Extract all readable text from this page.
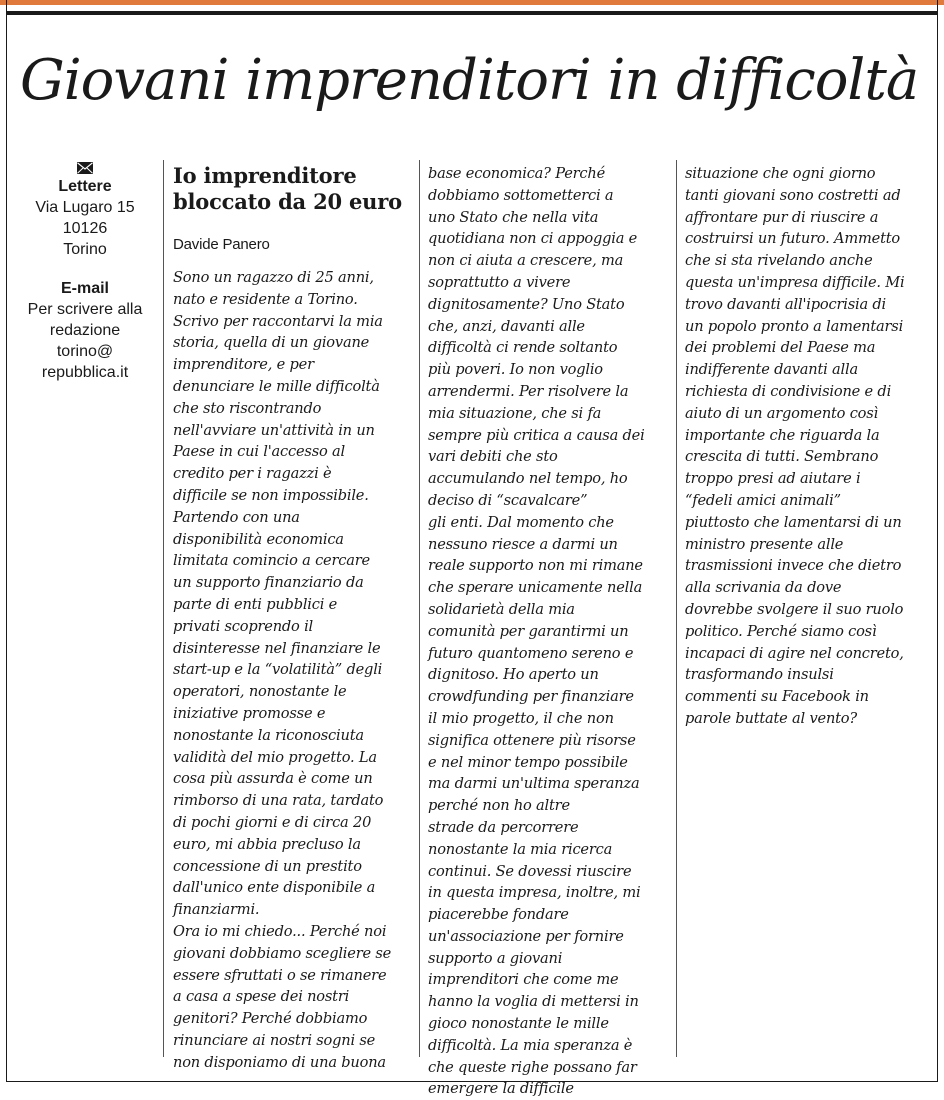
Giovani imprenditori in difficoltà
Lettere
Via Lugaro 15
10126
Torino
E-mail
Per scrivere alla
redazione
torino@
repubblica.it
Io imprenditore
bloccato da 20 euro
Davide Panero

Sono un ragazzo di 25 anni,

nato e residente a Torino.

Scrivo per raccontarvi la mia

storia, quella di un giovane

imprenditore, e per

denunciare le mille difficoltà

che sto riscontrando

nell'avviare un'attività in un

Paese in cui l'accesso al

credito per i ragazzi è

difficile se non impossibile.

Partendo con una

disponibilità economica

limitata comincio a cercare

un supporto finanziario da

parte di enti pubblici e

privati scoprendo il

disinteresse nel finanziare le

start-up e la “volatilità” degli

operatori, nonostante le

iniziative promosse e

nonostante la riconosciuta

validità del mio progetto. La

cosa più assurda è come un

rimborso di una rata, tardato

di pochi giorni e di circa 20

euro, mi abbia precluso la

concessione di un prestito

dall'unico ente disponibile a

finanziarmi.

Ora io mi chiedo... Perché noi

giovani dobbiamo scegliere se

essere sfruttati o se rimanere

a casa a spese dei nostri

genitori? Perché dobbiamo

rinunciare ai nostri sogni se

non disponiamo di una buona

base economica? Perché

dobbiamo sottometterci a

uno Stato che nella vita

quotidiana non ci appoggia e

non ci aiuta a crescere, ma

soprattutto a vivere

dignitosamente? Uno Stato

che, anzi, davanti alle

difficoltà ci rende soltanto

più poveri. Io non voglio

arrendermi. Per risolvere la

mia situazione, che si fa

sempre più critica a causa dei

vari debiti che sto

accumulando nel tempo, ho

deciso di “scavalcare”

gli enti. Dal momento che

nessuno riesce a darmi un

reale supporto non mi rimane

che sperare unicamente nella

solidarietà della mia

comunità per garantirmi un

futuro quantomeno sereno e

dignitoso. Ho aperto un

crowdfunding per finanziare

il mio progetto, il che non

significa ottenere più risorse

e nel minor tempo possibile

ma darmi un'ultima speranza

perché non ho altre

strade da percorrere

nonostante la mia ricerca

continui. Se dovessi riuscire

in questa impresa, inoltre, mi

piacerebbe fondare

un'associazione per fornire

supporto a giovani

imprenditori che come me

hanno la voglia di mettersi in

gioco nonostante le mille

difficoltà. La mia speranza è

che queste righe possano far

emergere la difficile

situazione che ogni giorno

tanti giovani sono costretti ad

affrontare pur di riuscire a

costruirsi un futuro. Ammetto

che si sta rivelando anche

questa un'impresa difficile. Mi

trovo davanti all'ipocrisia di

un popolo pronto a lamentarsi

dei problemi del Paese ma

indifferente davanti alla

richiesta di condivisione e di

aiuto di un argomento così

importante che riguarda la

crescita di tutti. Sembrano

troppo presi ad aiutare i

“fedeli amici animali”

piuttosto che lamentarsi di un

ministro presente alle

trasmissioni invece che dietro

alla scrivania da dove

dovrebbe svolgere il suo ruolo

politico. Perché siamo così

incapaci di agire nel concreto,

trasformando insulsi

commenti su Facebook in

parole buttate al vento?
